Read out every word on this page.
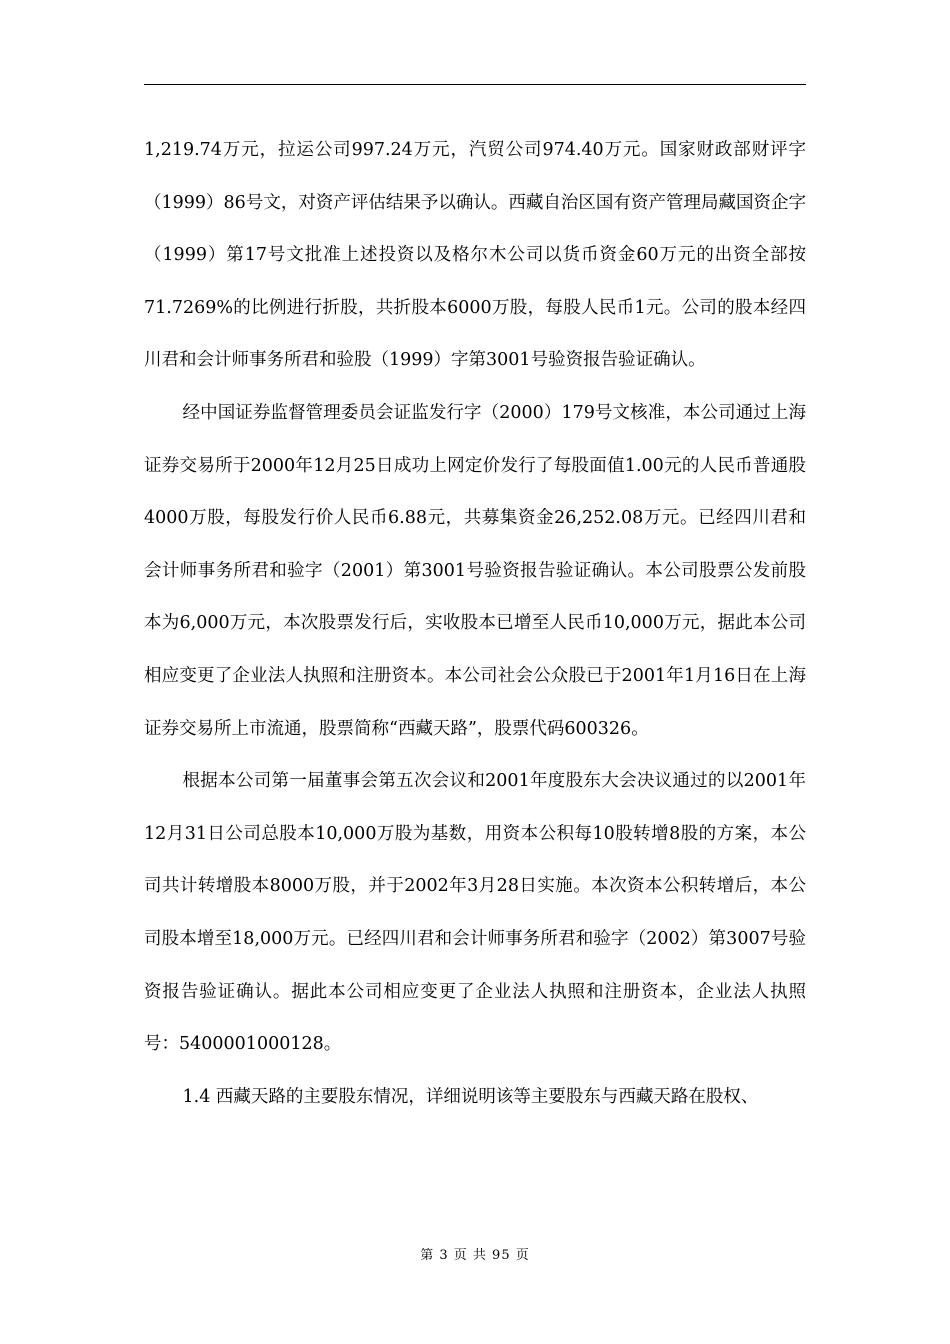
1,219.74万元，拉运公司997.24万元，汽贸公司974.40万元。国家财政部财评字（1999）86号文，对资产评估结果予以确认。西藏自治区国有资产管理局藏国资企字（1999）第17号文批准上述投资以及格尔木公司以货币资金60万元的出资全部按71.7269%的比例进行折股，共折股本6000万股，每股人民币1元。公司的股本经四川君和会计师事务所君和验股（1999）字第3001号验资报告验证确认。

经中国证券监督管理委员会证监发行字（2000）179号文核准，本公司通过上海证券交易所于2000年12月25日成功上网定价发行了每股面值1.00元的人民币普通股4000万股，每股发行价人民币6.88元，共募集资金26,252.08万元。已经四川君和会计师事务所君和验字（2001）第3001号验资报告验证确认。本公司股票公发前股本为6,000万元，本次股票发行后，实收股本已增至人民币10,000万元，据此本公司相应变更了企业法人执照和注册资本。本公司社会公众股已于2001年1月16日在上海证券交易所上市流通，股票简称“西藏天路”，股票代码600326。

根据本公司第一届董事会第五次会议和2001年度股东大会决议通过的以2001年12月31日公司总股本10,000万股为基数，用资本公积每10股转增8股的方案，本公司共计转增股本8000万股，并于2002年3月28日实施。本次资本公积转增后，本公司股本增至18,000万元。已经四川君和会计师事务所君和验字（2002）第3007号验资报告验证确认。据此本公司相应变更了企业法人执照和注册资本，企业法人执照号：5400001000128。

1.4 西藏天路的主要股东情况，详细说明该等主要股东与西藏天路在股权、

第 3 页 共 95 页
